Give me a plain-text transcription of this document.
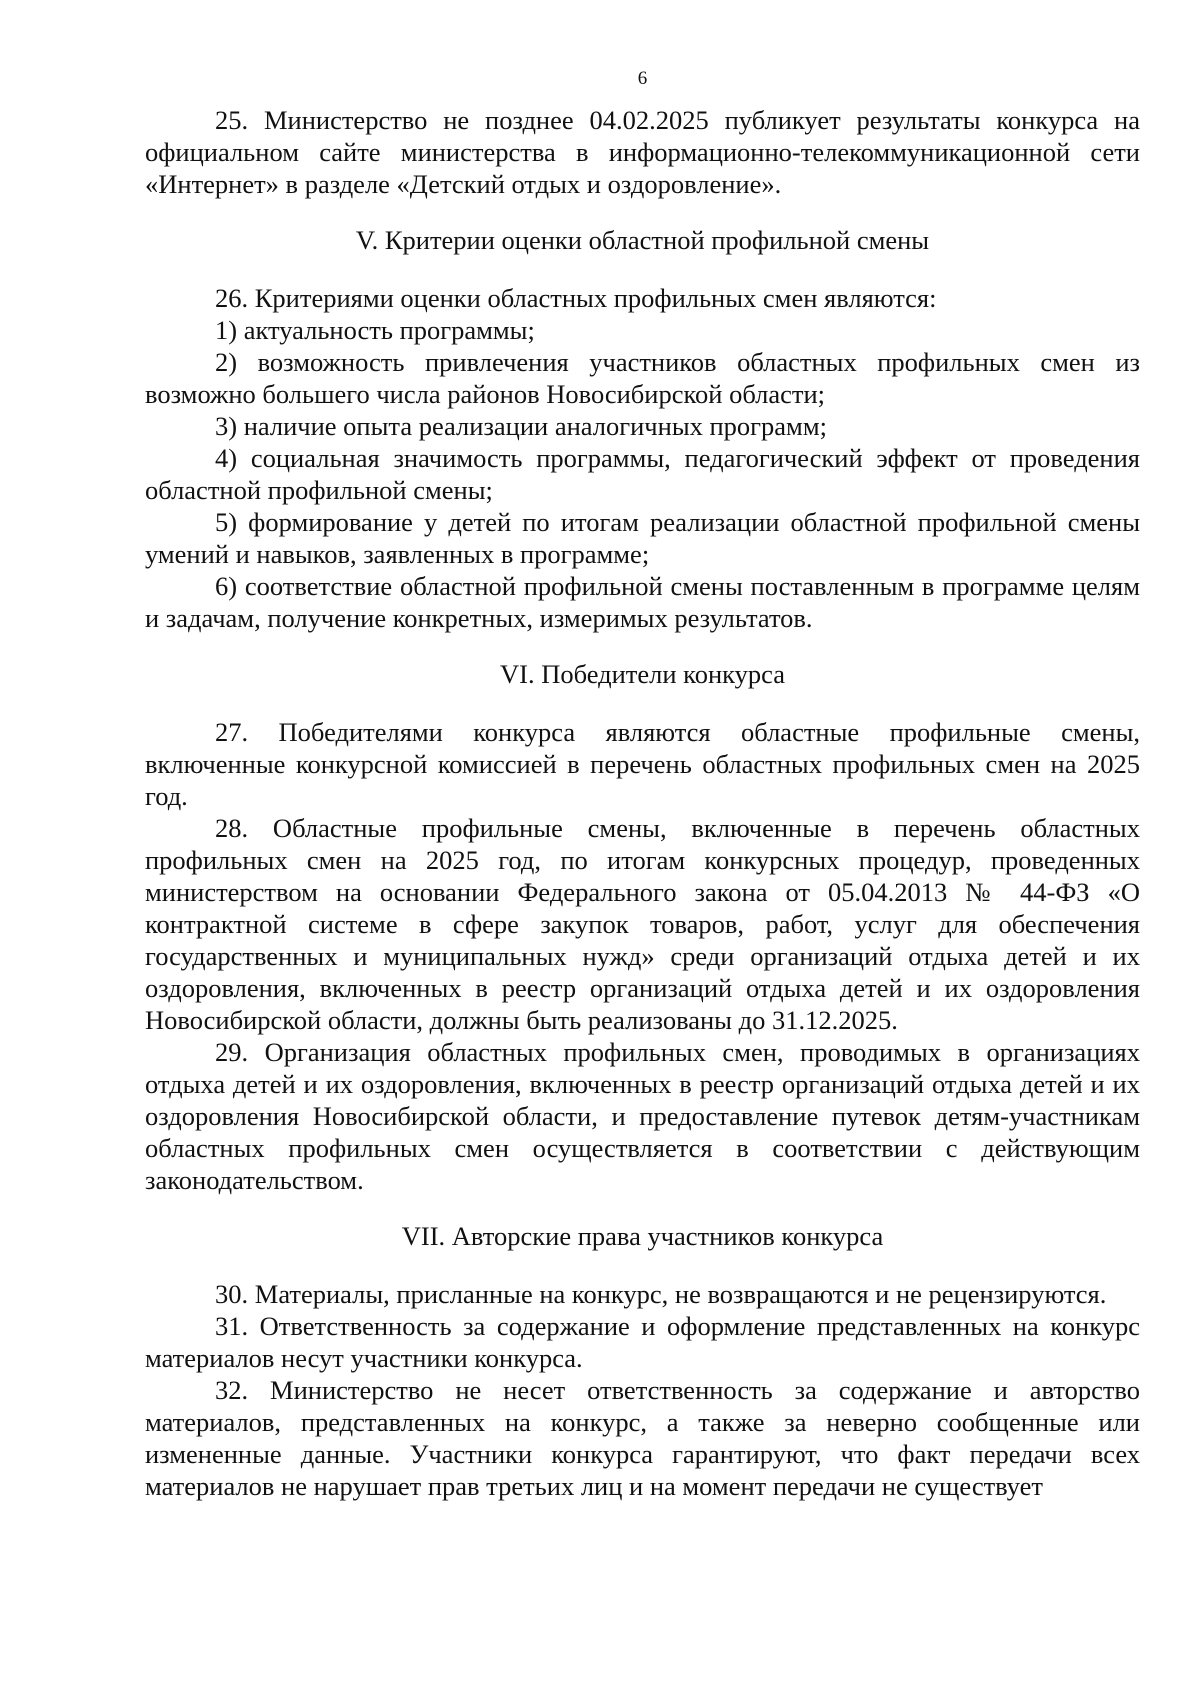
6

25. Министерство не позднее 04.02.2025 публикует результаты конкурса на официальном сайте министерства в информационно-телекоммуникационной сети «Интернет» в разделе «Детский отдых и оздоровление».

V. Критерии оценки областной профильной смены

26. Критериями оценки областных профильных смен являются:

1) актуальность программы;

2) возможность привлечения участников областных профильных смен из возможно большего числа районов Новосибирской области;

3) наличие опыта реализации аналогичных программ;

4) социальная значимость программы, педагогический эффект от проведения областной профильной смены;

5) формирование у детей по итогам реализации областной профильной смены умений и навыков, заявленных в программе;

6) соответствие областной профильной смены поставленным в программе целям и задачам, получение конкретных, измеримых результатов.

VI. Победители конкурса

27. Победителями конкурса являются областные профильные смены, включенные конкурсной комиссией в перечень областных профильных смен на 2025 год.

28. Областные профильные смены, включенные в перечень областных профильных смен на 2025 год, по итогам конкурсных процедур, проведенных министерством на основании Федерального закона от 05.04.2013 № 44-ФЗ «О контрактной системе в сфере закупок товаров, работ, услуг для обеспечения государственных и муниципальных нужд» среди организаций отдыха детей и их оздоровления, включенных в реестр организаций отдыха детей и их оздоровления Новосибирской области, должны быть реализованы до 31.12.2025.

29. Организация областных профильных смен, проводимых в организациях отдыха детей и их оздоровления, включенных в реестр организаций отдыха детей и их оздоровления Новосибирской области, и предоставление путевок детям-участникам областных профильных смен осуществляется в соответствии с действующим законодательством.

VII. Авторские права участников конкурса

30. Материалы, присланные на конкурс, не возвращаются и не рецензируются.

31. Ответственность за содержание и оформление представленных на конкурс материалов несут участники конкурса.

32. Министерство не несет ответственность за содержание и авторство материалов, представленных на конкурс, а также за неверно сообщенные или измененные данные. Участники конкурса гарантируют, что факт передачи всех материалов не нарушает прав третьих лиц и на момент передачи не существует
